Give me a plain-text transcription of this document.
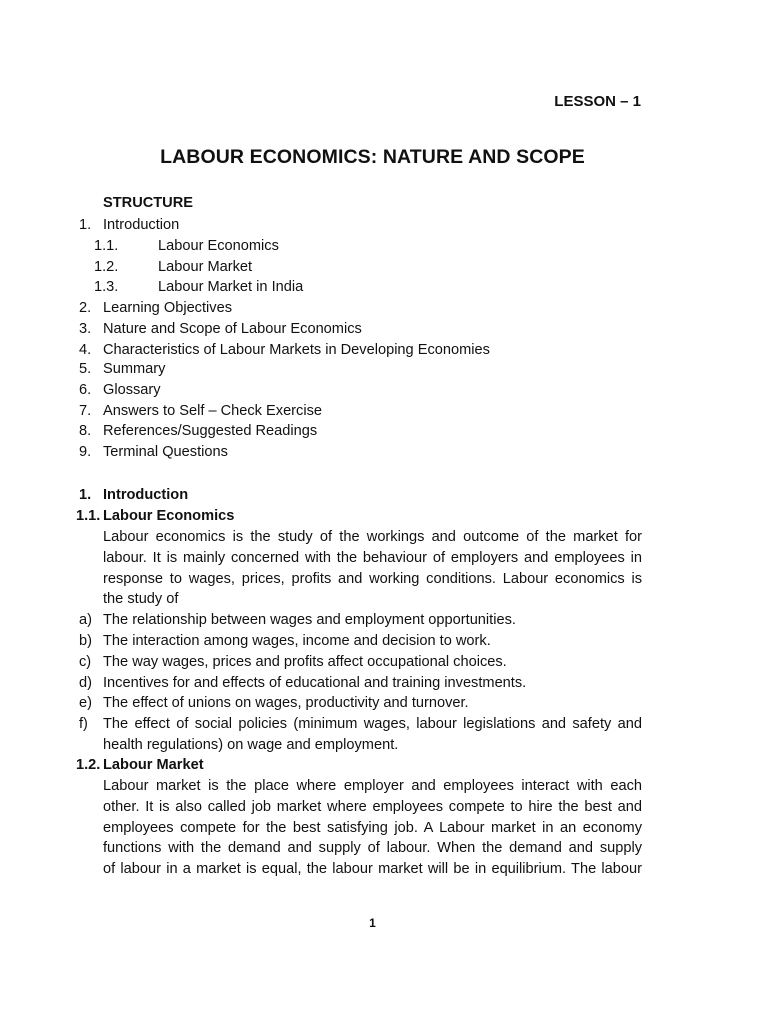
LESSON – 1
LABOUR ECONOMICS: NATURE AND SCOPE
STRUCTURE
1. Introduction
1.1.	Labour Economics
1.2.	Labour Market
1.3.	Labour Market in India
2. Learning Objectives
3. Nature and Scope of Labour Economics
4. Characteristics of Labour Markets in Developing Economies
5. Summary
6. Glossary
7. Answers to Self – Check Exercise
8. References/Suggested Readings
9. Terminal Questions
1. Introduction
1.1. Labour Economics
Labour economics is the study of the workings and outcome of the market for
labour. It is mainly concerned with the behaviour of employers and employees in
response to wages, prices, profits and working conditions. Labour economics is
the study of
a) The relationship between wages and employment opportunities.
b) The interaction among wages, income and decision to work.
c) The way wages, prices and profits affect occupational choices.
d) Incentives for and effects of educational and training investments.
e) The effect of unions on wages, productivity and turnover.
f) The effect of social policies (minimum wages, labour legislations and safety and
health regulations) on wage and employment.
1.2. Labour Market
Labour market is the place where employer and employees interact with each
other. It is also called job market where employees compete to hire the best and
employees compete for the best satisfying job. A Labour market in an economy
functions with the demand and supply of labour. When the demand and supply
of labour in a market is equal, the labour market will be in equilibrium. The labour
1
